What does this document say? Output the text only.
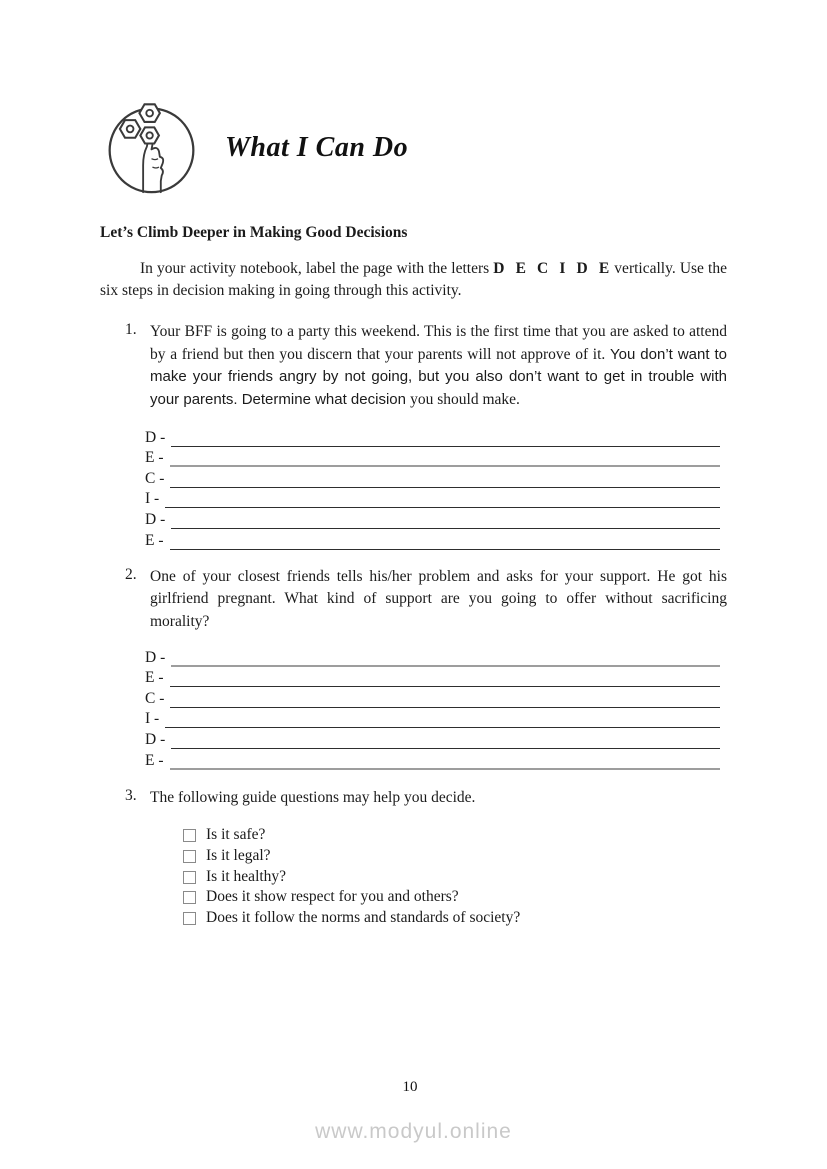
What I Can Do

Let’s Climb Deeper in Making Good Decisions

In your activity notebook, label the page with the letters D E C I D E vertically. Use the six steps in decision making in going through this activity.

1. Your BFF is going to a party this weekend. This is the first time that you are asked to attend by a friend but then you discern that your parents will not approve of it. You don’t want to make your friends angry by not going, but you also don’t want to get in trouble with your parents. Determine what decision you should make.
D -
E -
C -
I -
D -
E -
2. One of your closest friends tells his/her problem and asks for your support. He got his girlfriend pregnant. What kind of support are you going to offer without sacrificing morality?
D -
E -
C -
I -
D -
E -
3. The following guide questions may help you decide.
Is it safe?
Is it legal?
Is it healthy?
Does it show respect for you and others?
Does it follow the norms and standards of society?
10
www.modyul.online
